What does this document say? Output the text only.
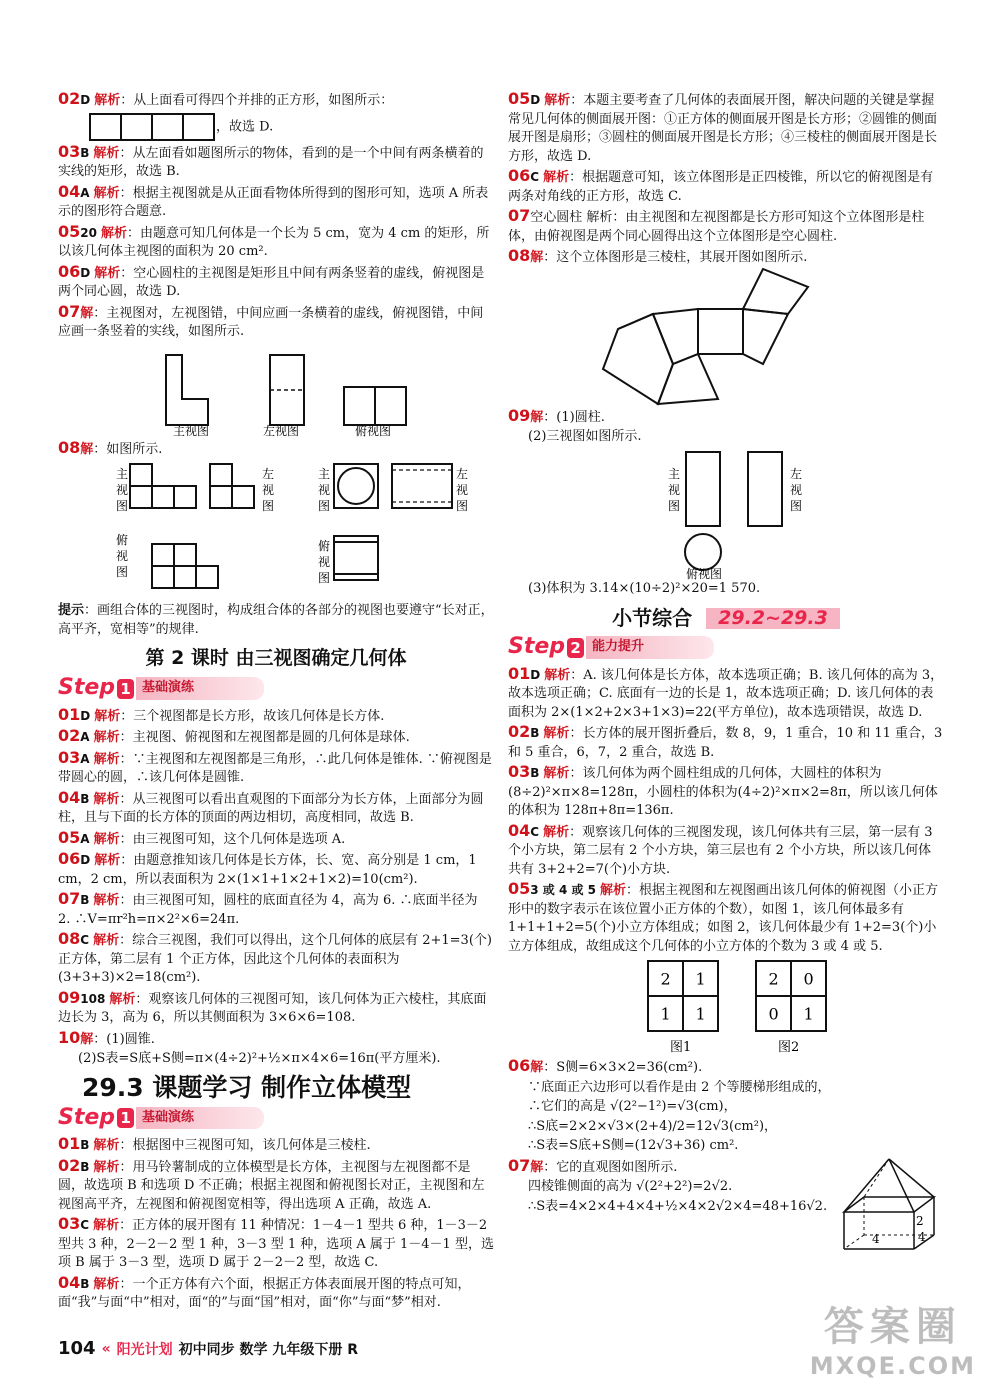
02D 解析：从上面看可得四个并排的正方形，如图所示：
，故选 D.
03B 解析：从左面看如题图所示的物体，看到的是一个中间有两条横着的实线的矩形，故选 B.
04A 解析：根据主视图就是从正面看物体所得到的图形可知，选项 A 所表示的图形符合题意.
0520 解析：由题意可知几何体是一个长为 5 cm，宽为 4 cm 的矩形，所以该几何体主视图的面积为 20 cm².
06D 解析：空心圆柱的主视图是矩形且中间有两条竖着的虚线，俯视图是两个同心圆，故选 D.
07解：主视图对，左视图错，中间应画一条横着的虚线，俯视图错，中间应画一条竖着的实线，如图所示.
主视图	左视图	俯视图
08解：如图所示.
主
视
图
左
视
图
俯
视
图
主
视
图
左
视
图
俯
视
图
提示：画组合体的三视图时，构成组合体的各部分的视图也要遵守“长对正，高平齐，宽相等”的规律.
第 2 课时 由三视图确定几何体
Step 1 基础演练
01D 解析：三个视图都是长方形，故该几何体是长方体.
02A 解析：主视图、俯视图和左视图都是圆的几何体是球体.
03A 解析：∵主视图和左视图都是三角形，∴此几何体是锥体. ∵俯视图是带圆心的圆，∴该几何体是圆锥.
04B 解析：从三视图可以看出直观图的下面部分为长方体，上面部分为圆柱，且与下面的长方体的顶面的两边相切，高度相同，故选 B.
05A 解析：由三视图可知，这个几何体是选项 A.
06D 解析：由题意推知该几何体是长方体，长、宽、高分别是 1 cm，1 cm，2 cm，所以表面积为 2×(1×1+1×2+1×2)=10(cm²).
07B 解析：由三视图可知，圆柱的底面直径为 4，高为 6. ∴底面半径为 2. ∴V=πr²h=π×2²×6=24π.
08C 解析：综合三视图，我们可以得出，这个几何体的底层有 2+1=3(个)正方体，第二层有 1 个正方体，因此这个几何体的表面积为(3+3+3)×2=18(cm²).
09108 解析：观察该几何体的三视图可知，该几何体为正六棱柱，其底面边长为 3，高为 6，所以其侧面积为 3×6×6=108.
10解：(1)圆锥.
(2)S表=S底+S侧=π×(4÷2)²+½×π×4×6=16π(平方厘米).
29.3 课题学习 制作立体模型
Step 1 基础演练
01B 解析：根据图中三视图可知，该几何体是三棱柱.
02B 解析：用马铃薯制成的立体模型是长方体，主视图与左视图都不是圆，故选项 B 和选项 D 不正确；根据主视图和俯视图长对正，主视图和左视图高平齐，左视图和俯视图宽相等，得出选项 A 正确，故选 A.
03C 解析：正方体的展开图有 11 种情况：1－4－1 型共 6 种，1－3－2 型共 3 种，2－2－2 型 1 种，3－3 型 1 种，选项 A 属于 1－4－1 型，选项 B 属于 3－3 型，选项 D 属于 2－2－2 型，故选 C.
04B 解析：一个正方体有六个面，根据正方体表面展开图的特点可知，面“我”与面“中”相对，面“的”与面“国”相对，面“你”与面“梦”相对.
05D 解析：本题主要考查了几何体的表面展开图，解决问题的关键是掌握常见几何体的侧面展开图：①正方体的侧面展开图是长方形；②圆锥的侧面展开图是扇形；③圆柱的侧面展开图是长方形；④三棱柱的侧面展开图是长方形，故选 D.
06C 解析：根据题意可知，该立体图形是正四棱锥，所以它的俯视图是有两条对角线的正方形，故选 C.
07空心圆柱 解析：由主视图和左视图都是长方形可知这个立体图形是柱体，由俯视图是两个同心圆得出这个立体图形是空心圆柱.
08解：这个立体图形是三棱柱，其展开图如图所示.
09解：(1)圆柱.
(2)三视图如图所示.
主
视
图
左
视
图
俯视图
(3)体积为 3.14×(10÷2)²×20=1 570.
小节综合	29.2~29.3
Step 2 能力提升
01D 解析：A. 该几何体是长方体，故本选项正确；B. 该几何体的高为 3，故本选项正确；C. 底面有一边的长是 1，故本选项正确；D. 该几何体的表面积为 2×(1×2+2×3+1×3)=22(平方单位)，故本选项错误，故选 D.
02B 解析：长方体的展开图折叠后，数 8，9，1 重合，10 和 11 重合，3 和 5 重合，6，7，2 重合，故选 B.
03B 解析：该几何体为两个圆柱组成的几何体，大圆柱的体积为(8÷2)²×π×8=128π，小圆柱的体积为(4÷2)²×π×2=8π，所以该几何体的体积为 128π+8π=136π.
04C 解析：观察该几何体的三视图发现，该几何体共有三层，第一层有 3 个小方块，第二层有 2 个小方块，第三层也有 2 个小方块，所以该几何体共有 3+2+2=7(个)小方块.
053 或 4 或 5 解析：根据主视图和左视图画出该几何体的俯视图（小正方形中的数字表示在该位置小正方体的个数），如图 1，该几何体最多有 1+1+1+2=5(个)小立方体组成；如图 2，该几何体最少有 1+2=3(个)小立方体组成，故组成这个几何体的小立方体的个数为 3 或 4 或 5.
2 1
1 1
图1
2 0
0 1
图2
06解：S侧=6×3×2=36(cm²).
∵底面正六边形可以看作是由 2 个等腰梯形组成的，
∴它们的高是 √(2²−1²)=√3(cm)，
∴S底=2×2×√3×(2+4)/2=12√3(cm²)，
∴S表=S底+S侧=(12√3+36) cm².
07解：它的直观图如图所示.
四棱锥侧面的高为 √(2²+2²)=2√2.
∴S表=4×2×4+4×4+½×4×2√2×4=48+16√2.
4	4
2
104 « 阳光计划 初中同步 数学 九年级下册 R	答案圈
MXQE.COM
